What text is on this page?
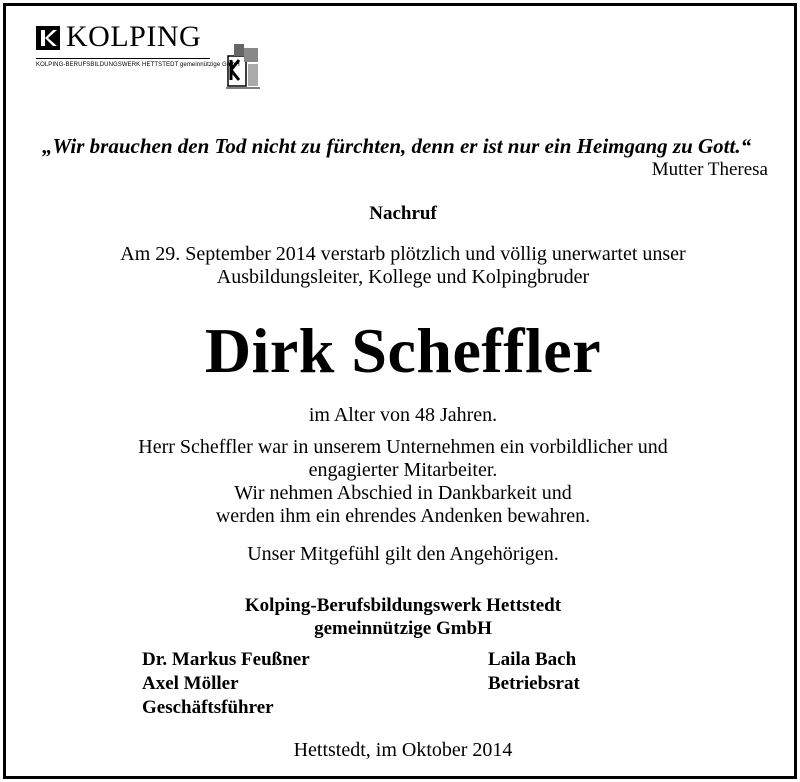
KOLPING
KOLPING-BERUFSBILDUNGSWERK HETTSTEDT gemeinnützige GmbH
„Wir brauchen den Tod nicht zu fürchten, denn er ist nur ein Heimgang zu Gott.“
Mutter Theresa
Nachruf
Am 29. September 2014 verstarb plötzlich und völlig unerwartet unser
Ausbildungsleiter, Kollege und Kolpingbruder
Dirk Scheffler
im Alter von 48 Jahren.
Herr Scheffler war in unserem Unternehmen ein vorbildlicher und
engagierter Mitarbeiter.
Wir nehmen Abschied in Dankbarkeit und
werden ihm ein ehrendes Andenken bewahren.
Unser Mitgefühl gilt den Angehörigen.
Kolping-Berufsbildungswerk Hettstedt
gemeinnützige GmbH
Dr. Markus Feußner
Axel Möller
Geschäftsführer
Laila Bach
Betriebsrat
Hettstedt, im Oktober 2014
